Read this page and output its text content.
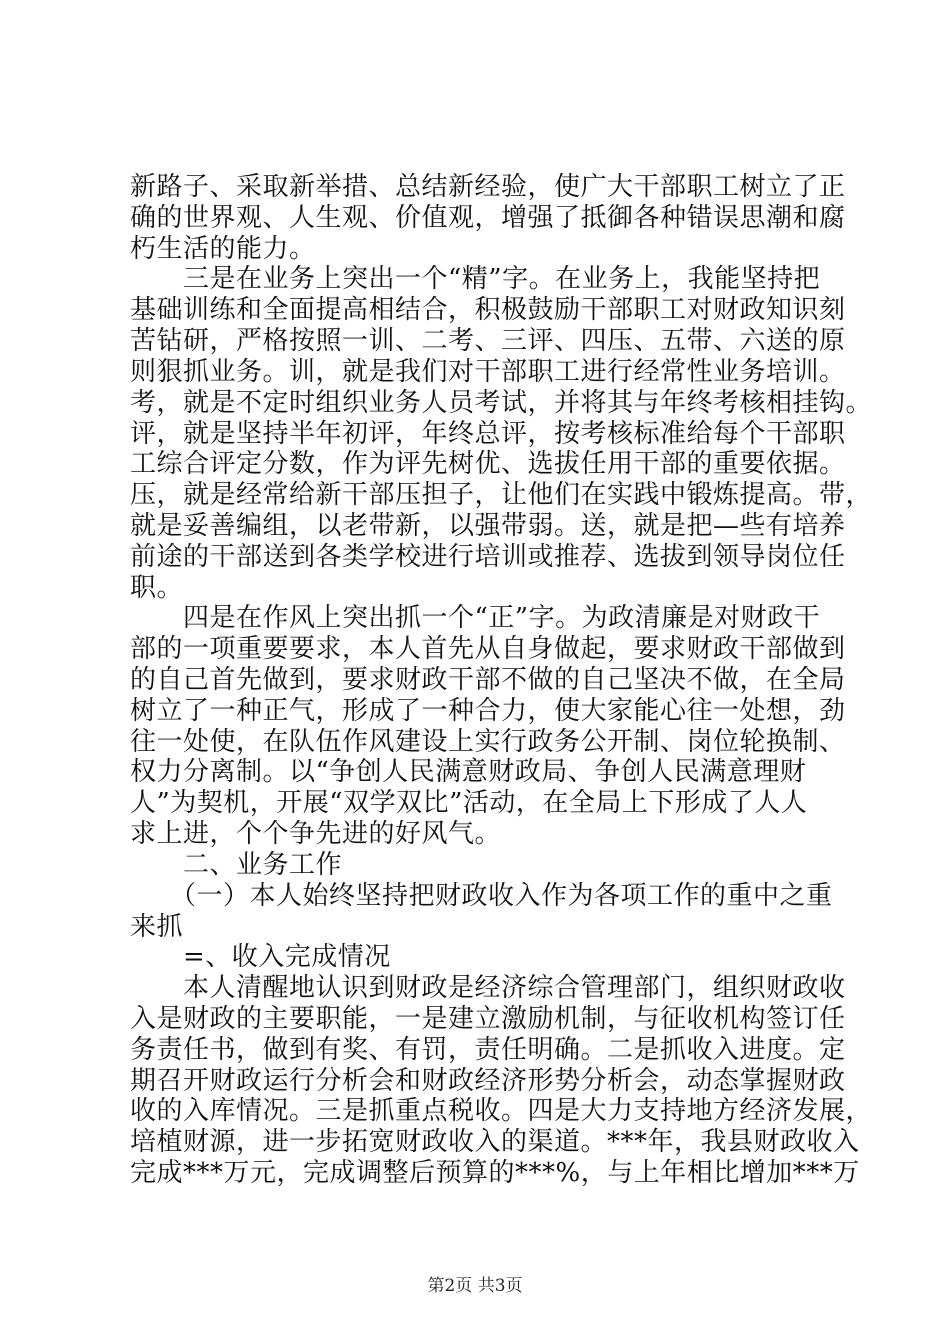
新路子、采取新举措、总结新经验，使广大干部职工树立了正
确的世界观、人生观、价值观，增强了抵御各种错误思潮和腐
朽生活的能力。
　　三是在业务上突出一个“精”字。在业务上，我能坚持把
基础训练和全面提高相结合，积极鼓励干部职工对财政知识刻
苦钻研，严格按照一训、二考、三评、四压、五带、六送的原
则狠抓业务。训，就是我们对干部职工进行经常性业务培训。
考，就是不定时组织业务人员考试，并将其与年终考核相挂钩。
评，就是坚持半年初评，年终总评，按考核标准给每个干部职
工综合评定分数，作为评先树优、选拔任用干部的重要依据。
压，就是经常给新干部压担子，让他们在实践中锻炼提高。带，
就是妥善编组，以老带新，以强带弱。送，就是把—些有培养
前途的干部送到各类学校进行培训或推荐、选拔到领导岗位任
职。
　　四是在作风上突出抓一个“正”字。为政清廉是对财政干
部的一项重要要求，本人首先从自身做起，要求财政干部做到
的自己首先做到，要求财政干部不做的自己坚决不做，在全局
树立了一种正气，形成了一种合力，使大家能心往一处想，劲
往一处使，在队伍作风建设上实行政务公开制、岗位轮换制、
权力分离制。以“争创人民满意财政局、争创人民满意理财
人”为契机，开展“双学双比”活动，在全局上下形成了人人
求上进，个个争先进的好风气。
　　二、业务工作
　　（一）本人始终坚持把财政收入作为各项工作的重中之重
来抓
　　=、收入完成情况
　　本人清醒地认识到财政是经济综合管理部门，组织财政收
入是财政的主要职能，一是建立激励机制，与征收机构签订任
务责任书，做到有奖、有罚，责任明确。二是抓收入进度。定
期召开财政运行分析会和财政经济形势分析会，动态掌握财政
收的入库情况。三是抓重点税收。四是大力支持地方经济发展，
培植财源，进一步拓宽财政收入的渠道。***年，我县财政收入
完成***万元，完成调整后预算的***%，与上年相比增加***万
第2页 共3页
